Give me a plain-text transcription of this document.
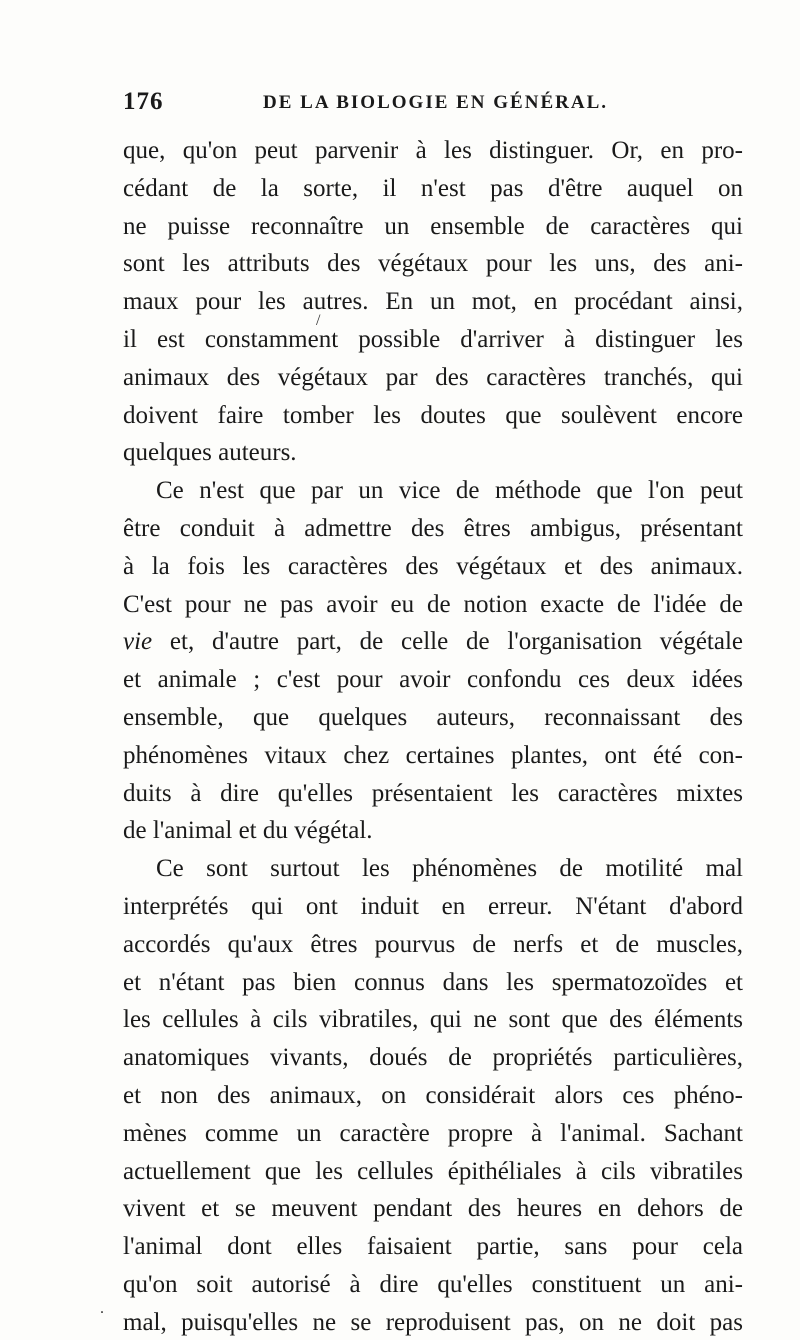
176	DE LA BIOLOGIE EN GÉNÉRAL.
que, qu'on peut parvenir à les distinguer. Or, en pro-
cédant de la sorte, il n'est pas d'être auquel on
ne puisse reconnaître un ensemble de caractères qui
sont les attributs des végétaux pour les uns, des ani-
maux pour les autres. En un mot, en procédant ainsi,
il est constamment possible d'arriver à distinguer les
animaux des végétaux par des caractères tranchés, qui
doivent faire tomber les doutes que soulèvent encore
quelques auteurs.
Ce n'est que par un vice de méthode que l'on peut
être conduit à admettre des êtres ambigus, présentant
à la fois les caractères des végétaux et des animaux.
C'est pour ne pas avoir eu de notion exacte de l'idée de
vie et, d'autre part, de celle de l'organisation végétale
et animale ; c'est pour avoir confondu ces deux idées
ensemble, que quelques auteurs, reconnaissant des
phénomènes vitaux chez certaines plantes, ont été con-
duits à dire qu'elles présentaient les caractères mixtes
de l'animal et du végétal.
Ce sont surtout les phénomènes de motilité mal
interprétés qui ont induit en erreur. N'étant d'abord
accordés qu'aux êtres pourvus de nerfs et de muscles,
et n'étant pas bien connus dans les spermatozoïdes et
les cellules à cils vibratiles, qui ne sont que des éléments
anatomiques vivants, doués de propriétés particulières,
et non des animaux, on considérait alors ces phéno-
mènes comme un caractère propre à l'animal. Sachant
actuellement que les cellules épithéliales à cils vibratiles
vivent et se meuvent pendant des heures en dehors de
l'animal dont elles faisaient partie, sans pour cela
qu'on soit autorisé à dire qu'elles constituent un ani-
mal, puisqu'elles ne se reproduisent pas, on ne doit pas
/
.
